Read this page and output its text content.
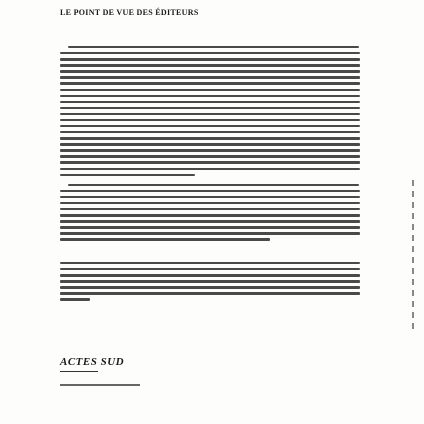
LE POINT DE VUE DES ÉDITEURS
ACTES SUD
